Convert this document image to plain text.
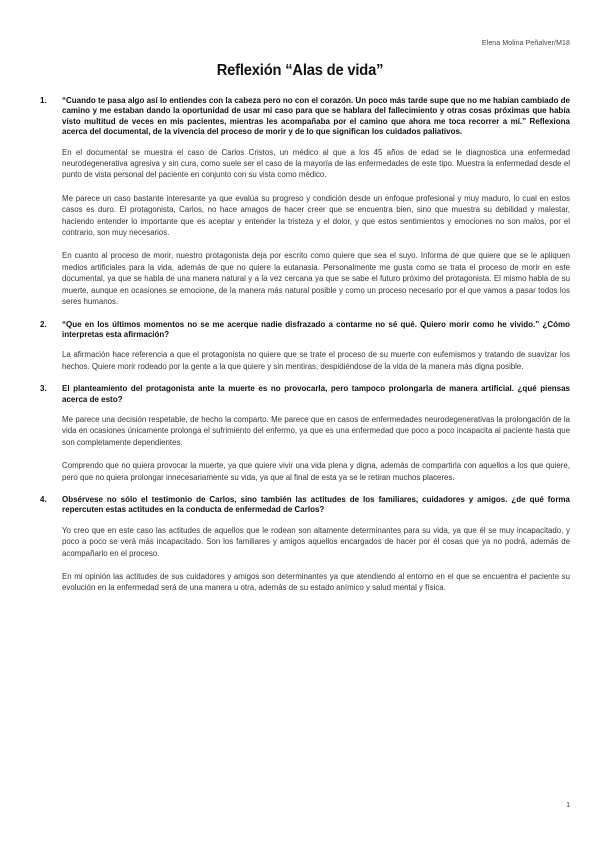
Elena Molina Peñalver/M18
Reflexión “Alas de vida”
1. “Cuando te pasa algo así lo entiendes con la cabeza pero no con el corazón. Un poco más tarde supe que no me habían cambiado de camino y me estaban dando la oportunidad de usar mi caso para que se hablara del fallecimiento y otras cosas próximas que había visto multitud de veces en mis pacientes, mientras les acompañaba por el camino que ahora me toca recorrer a mí.” Reflexiona acerca del documental, de la vivencia del proceso de morir y de lo que significan los cuidados paliativos.

En el documental se muestra el caso de Carlos Cristos, un médico al que a los 45 años de edad se le diagnostica una enfermedad neurodegenerativa agresiva y sin cura, como suele ser el caso de la mayoría de las enfermedades de este tipo. Muestra la enfermedad desde el punto de vista personal del paciente en conjunto con su vista como médico.

Me parece un caso bastante interesante ya que evalúa su progreso y condición desde un enfoque profesional y muy maduro, lo cual en estos casos es duro. El protagonista, Carlos, no hace amagos de hacer creer que se encuentra bien, sino que muestra su debilidad y malestar, haciendo entender lo importante que es aceptar y entender la tristeza y el dolor, y que estos sentimientos y emociones no son malos, por el contrario, son muy necesarios.

En cuanto al proceso de morir, nuestro protagonista deja por escrito como quiere que sea el suyo. Informa de que quiere que se le apliquen medios artificiales para la vida, además de que no quiere la eutanasia. Personalmente me gusta como se trata el proceso de morir en este documental, ya que se habla de una manera natural y a la vez cercana ya que se sabe el futuro próximo del protagonista. El mismo habla de su muerte, aunque en ocasiones se emocione, de la manera más natural posible y como un proceso necesario por el que vamos a pasar todos los seres humanos.

2. “Que en los últimos momentos no se me acerque nadie disfrazado a contarme no sé qué. Quiero morir como he vivido.” ¿Cómo interpretas esta afirmación?

La afirmación hace referencia a que el protagonista no quiere que se trate el proceso de su muerte con eufemismos y tratando de suavizar los hechos. Quiere morir rodeado por la gente a la que quiere y sin mentiras, despidiéndose de la vida de la manera más digna posible.

3. El planteamiento del protagonista ante la muerte es no provocarla, pero tampoco prolongarla de manera artificial. ¿qué piensas acerca de esto?

Me parece una decisión respetable, de hecho la comparto. Me parece que en casos de enfermedades neurodegenerativas la prolongación de la vida en ocasiones únicamente prolonga el sufrimiento del enfermo, ya que es una enfermedad que poco a poco incapacita al paciente hasta que son completamente dependientes.

Comprendo que no quiera provocar la muerte, ya que quiere vivir una vida plena y digna, además de compartirla con aquellos a los que quiere, pero que no quiera prolongar innecesariamente su vida, ya que al final de esta ya se le retiran muchos placeres.

4. Obsérvese no sólo el testimonio de Carlos, sino también las actitudes de los familiares, cuidadores y amigos. ¿de qué forma repercuten estas actitudes en la conducta de enfermedad de Carlos?

Yo creo que en este caso las actitudes de aquellos que le rodean son altamente determinantes para su vida, ya que él se muy incapacitado, y poco a poco se verá más incapacitado. Son los familiares y amigos aquellos encargados de hacer por él cosas que ya no podrá, además de acompañarlo en el proceso.

En mi opinión las actitudes de sus cuidadores y amigos son determinantes ya que atendiendo al entorno en el que se encuentra el paciente su evolución en la enfermedad será de una manera u otra, además de su estado anímico y salud mental y física.

1
